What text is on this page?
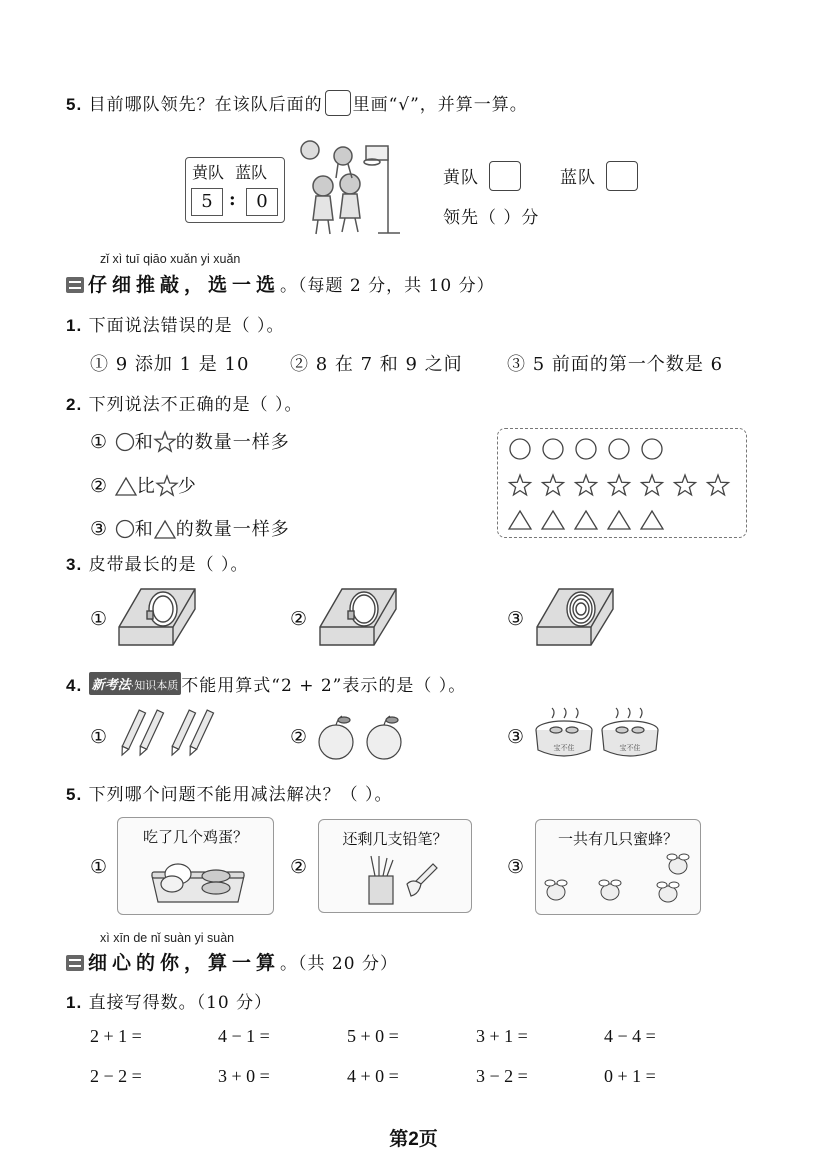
5. 目前哪队领先？在该队后面的 里画“√”，并算一算。
黄队 蓝队
5 :	0
黄队	蓝队
领先（ ）分
zǐ xì tuī qiāo xuǎn yi xuǎn
仔细推敲，选一选。（每题 2 分，共 10 分）
1. 下面说法错误的是（ ）。
① 9 添加 1 是 10 ② 8 在 7 和 9 之间 ③ 5 前面的第一个数是 6
2. 下列说法不正确的是（ ）。
① 和 的数量一样多
② 比 少
③ 和 的数量一样多
3. 皮带最长的是（ ）。
①	②	③
4. 新考法·知识本质 不能用算式“2 + 2”表示的是（ ）。
①	②	③	宝不住	宝不住
5. 下列哪个问题不能用减法解决？（ ）。
①
吃了几个鸡蛋？
②
还剩几支铅笔？
③
一共有几只蜜蜂？
xì xīn de nǐ suàn yi suàn
细心的你，算一算。（共 20 分）
1. 直接写得数。（10 分）
2 + 1 =	4 − 1 =	5 + 0 =	3 + 1 =	4 − 4 =
2 − 2 =	3 + 0 =	4 + 0 =	3 − 2 =	0 + 1 =
第2页
